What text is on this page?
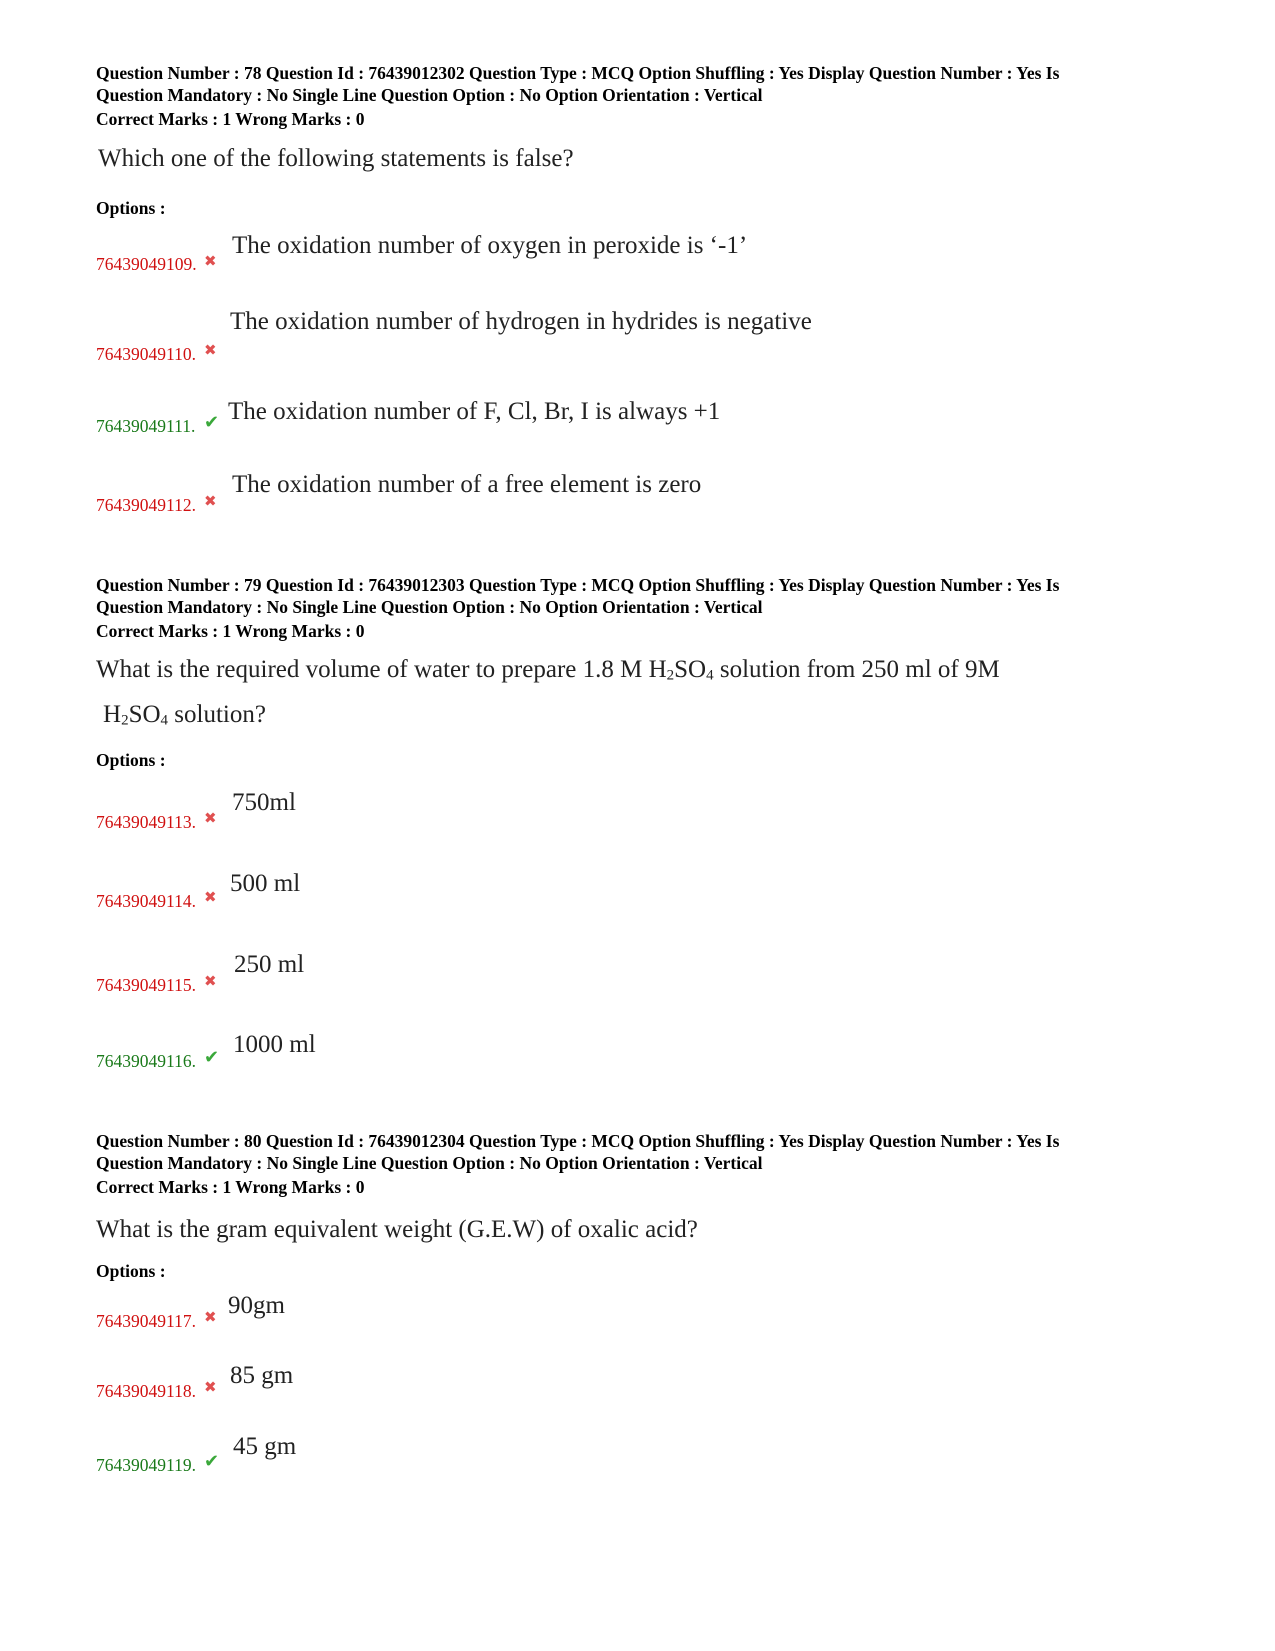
Question Number : 78 Question Id : 76439012302 Question Type : MCQ Option Shuffling : Yes Display Question Number : Yes Is
Question Mandatory : No Single Line Question Option : No Option Orientation : Vertical
Correct Marks : 1 Wrong Marks : 0
Which one of the following statements is false?
Options :
76439049109. ✖
The oxidation number of oxygen in peroxide is ‘-1’
76439049110. ✖
The oxidation number of hydrogen in hydrides is negative
76439049111. ✔ The oxidation number of F, Cl, Br, I is always +1
76439049112. ✖
The oxidation number of a free element is zero
Question Number : 79 Question Id : 76439012303 Question Type : MCQ Option Shuffling : Yes Display Question Number : Yes Is
Question Mandatory : No Single Line Question Option : No Option Orientation : Vertical
Correct Marks : 1 Wrong Marks : 0
What is the required volume of water to prepare 1.8 M $H_2SO_4$ solution from 250 ml of 9M
$H_2SO_4$ solution?
Options :
76439049113. ✖
750ml
76439049114. ✖ 500 ml
76439049115. ✖
250 ml
76439049116. ✔ 1000 ml
Question Number : 80 Question Id : 76439012304 Question Type : MCQ Option Shuffling : Yes Display Question Number : Yes Is
Question Mandatory : No Single Line Question Option : No Option Orientation : Vertical
Correct Marks : 1 Wrong Marks : 0
What is the gram equivalent weight (G.E.W) of oxalic acid?
Options :
76439049117. ✖ 90gm
76439049118. ✖ 85 gm
76439049119. ✔
45 gm
